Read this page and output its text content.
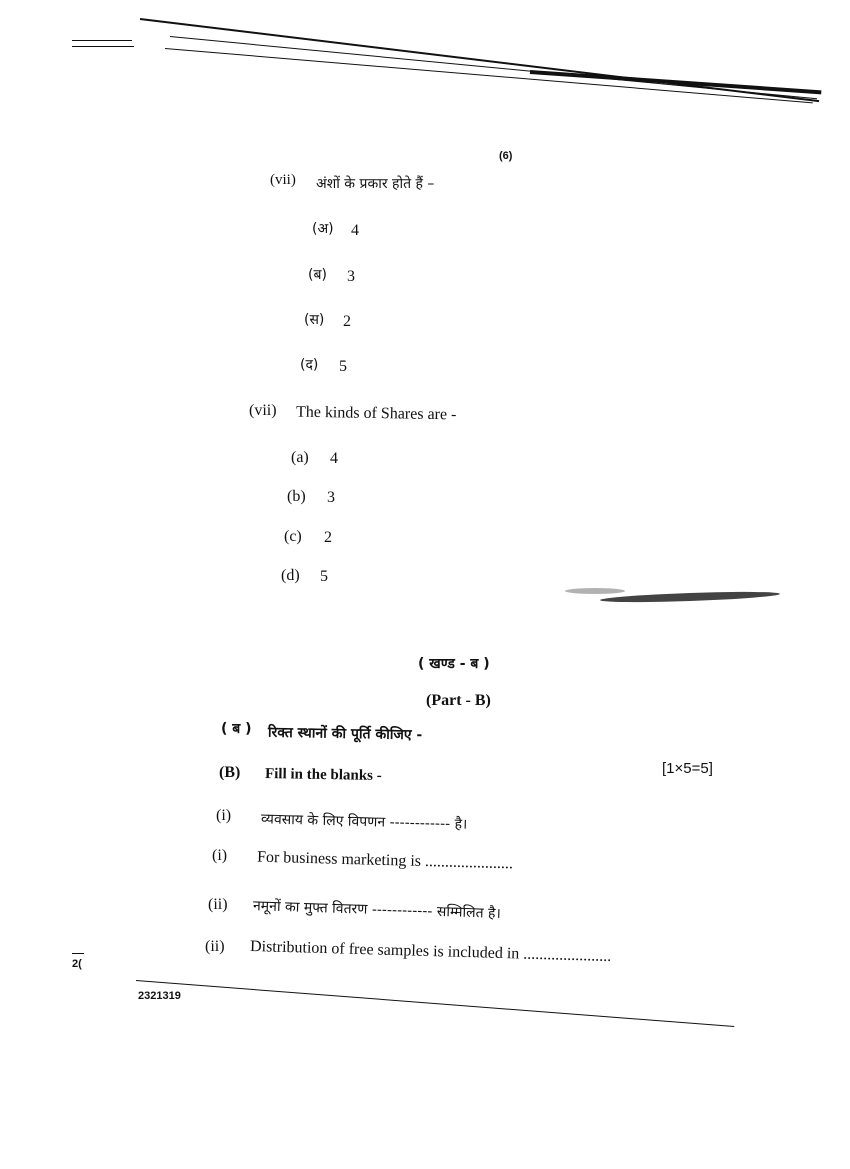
(6)
(vii) अंशों के प्रकार होते हैं –
(अ) 4
(ब) 3
(स) 2
(द) 5
(vii) The kinds of Shares are -
(a) 4
(b) 3
(c) 2
(d) 5
( खण्ड - ब )
(Part - B)
( ब ) रिक्त स्थानों की पूर्ति कीजिए -
(B) Fill in the blanks -	[1×5=5]
(i) व्यवसाय के लिए विपणन ------------ है।
(i) For business marketing is ......................
(ii) नमूनों का मुफ्त वितरण ------------ सम्मिलित है।
(ii) Distribution of free samples is included in ......................
2(
2321319
